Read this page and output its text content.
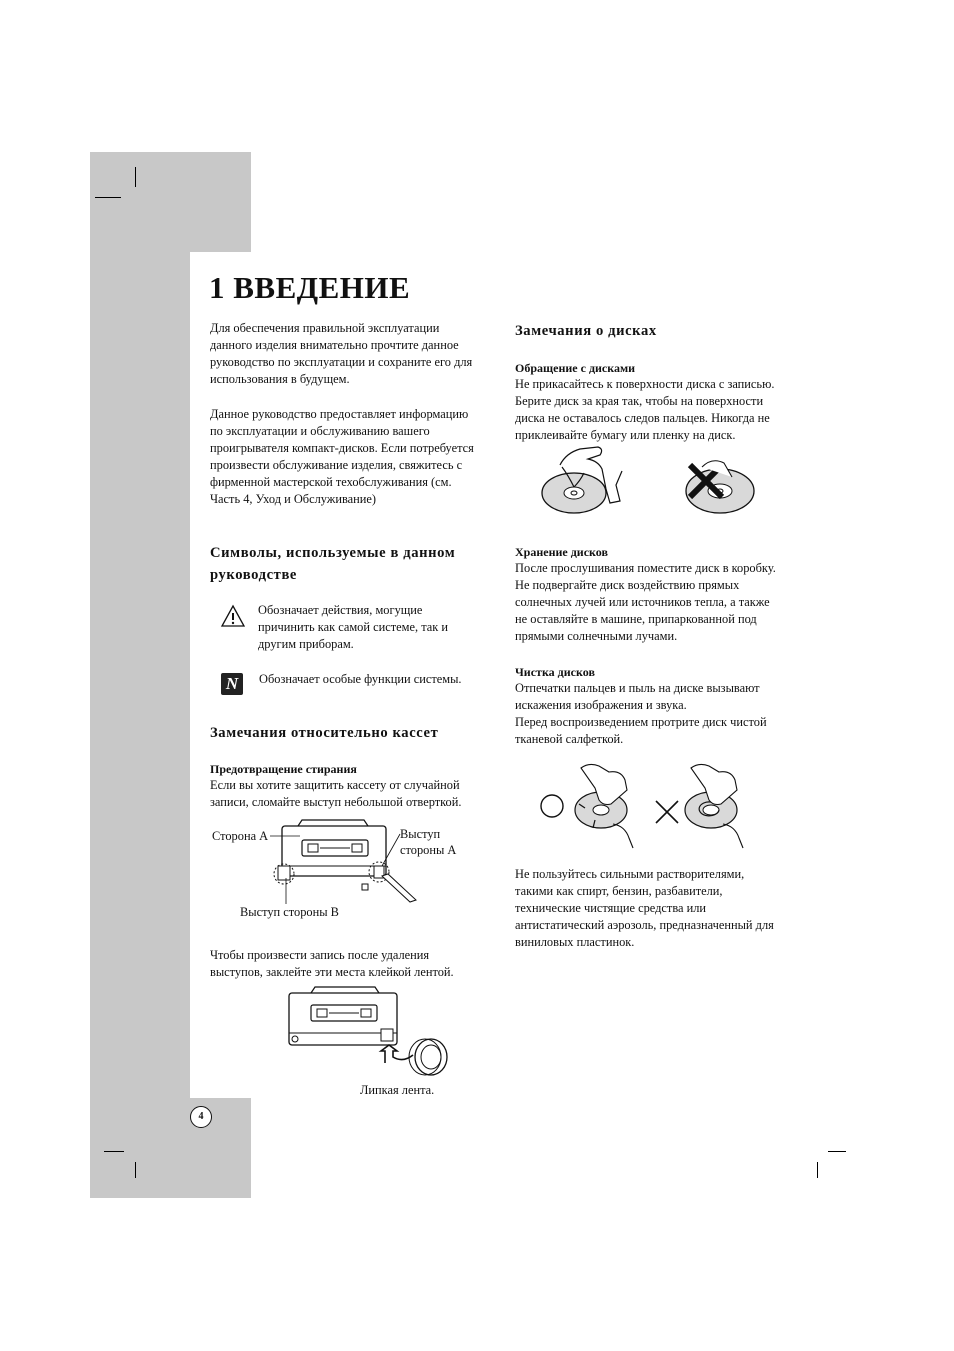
1 ВВЕДЕНИЕ
Для обеспечения правильной эксплуатации
данного изделия внимательно прочтите данное
руководство по эксплуатации и сохраните его для
использования в будущем.
Данное руководство предоставляет информацию
по эксплуатации и обслуживанию вашего
проигрывателя компакт-дисков. Если потребуется
произвести обслуживание изделия, свяжитесь с
фирменной мастерской техобслуживания (см.
Часть 4, Уход и Обслуживание)
Символы, используемые в данном
руководстве
Обозначает действия, могущие
причинить как самой системе, так и
другим приборам.
N	Обозначает особые функции системы.
Замечания относительно кассет
Предотвращение стирания
Если вы хотите защитить кассету от случайной
записи, сломайте выступ небольшой отверткой.
Сторона A	Выступ
стороны A
Выступ стороны B
Чтобы произвести запись после удаления
выступов, заклейте эти места клейкой лентой.
Липкая лента.
Замечания о дисках
Обращение с дисками
Не прикасайтесь к поверхности диска с записью.
Берите диск за края так, чтобы на поверхности
диска не оставалось следов пальцев. Никогда не
приклеивайте бумагу или пленку на диск.
Хранение дисков
После прослушивания поместите диск в коробку.
Не подвергайте диск воздействию прямых
солнечных лучей или источников тепла, а также
не оставляйте в машине, припаркованной под
прямыми солнечными лучами.
Чистка дисков
Отпечатки пальцев и пыль на диске вызывают
искажения изображения и звука.
Перед воспроизведением протрите диск чистой
тканевой салфеткой.
Не пользуйтесь сильными растворителями,
такими как спирт, бензин, разбавители,
технические чистящие средства или
антистатический аэрозоль, предназначенный для
виниловых пластинок.
4
